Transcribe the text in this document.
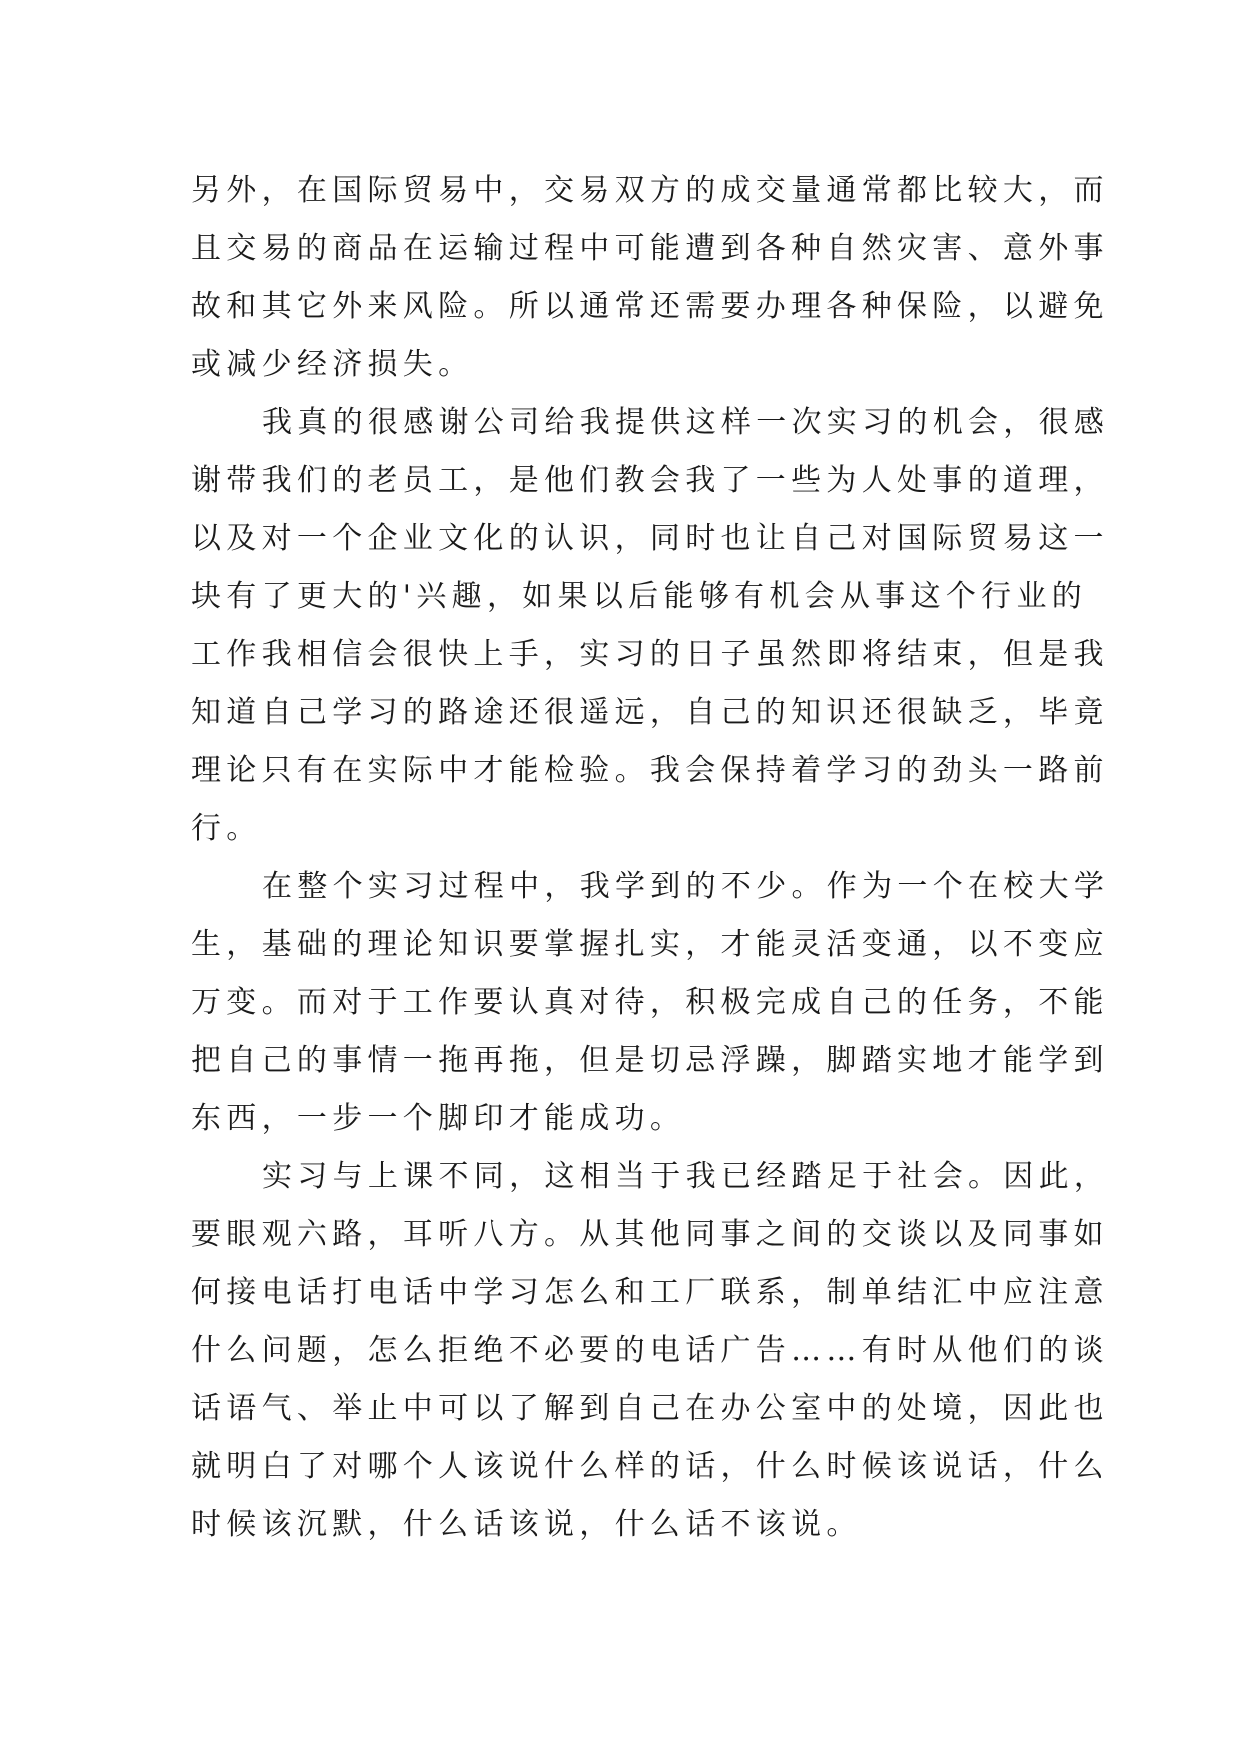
另外，在国际贸易中，交易双方的成交量通常都比较大，而
且交易的商品在运输过程中可能遭到各种自然灾害、意外事
故和其它外来风险。所以通常还需要办理各种保险，以避免
或减少经济损失。
我真的很感谢公司给我提供这样一次实习的机会，很感
谢带我们的老员工，是他们教会我了一些为人处事的道理，
以及对一个企业文化的认识，同时也让自己对国际贸易这一
块有了更大的'兴趣，如果以后能够有机会从事这个行业的
工作我相信会很快上手，实习的日子虽然即将结束，但是我
知道自己学习的路途还很遥远，自己的知识还很缺乏，毕竟
理论只有在实际中才能检验。我会保持着学习的劲头一路前
行。
在整个实习过程中，我学到的不少。作为一个在校大学
生，基础的理论知识要掌握扎实，才能灵活变通，以不变应
万变。而对于工作要认真对待，积极完成自己的任务，不能
把自己的事情一拖再拖，但是切忌浮躁，脚踏实地才能学到
东西，一步一个脚印才能成功。
实习与上课不同，这相当于我已经踏足于社会。因此，
要眼观六路，耳听八方。从其他同事之间的交谈以及同事如
何接电话打电话中学习怎么和工厂联系，制单结汇中应注意
什么问题，怎么拒绝不必要的电话广告……有时从他们的谈
话语气、举止中可以了解到自己在办公室中的处境，因此也
就明白了对哪个人该说什么样的话，什么时候该说话，什么
时候该沉默，什么话该说，什么话不该说。
